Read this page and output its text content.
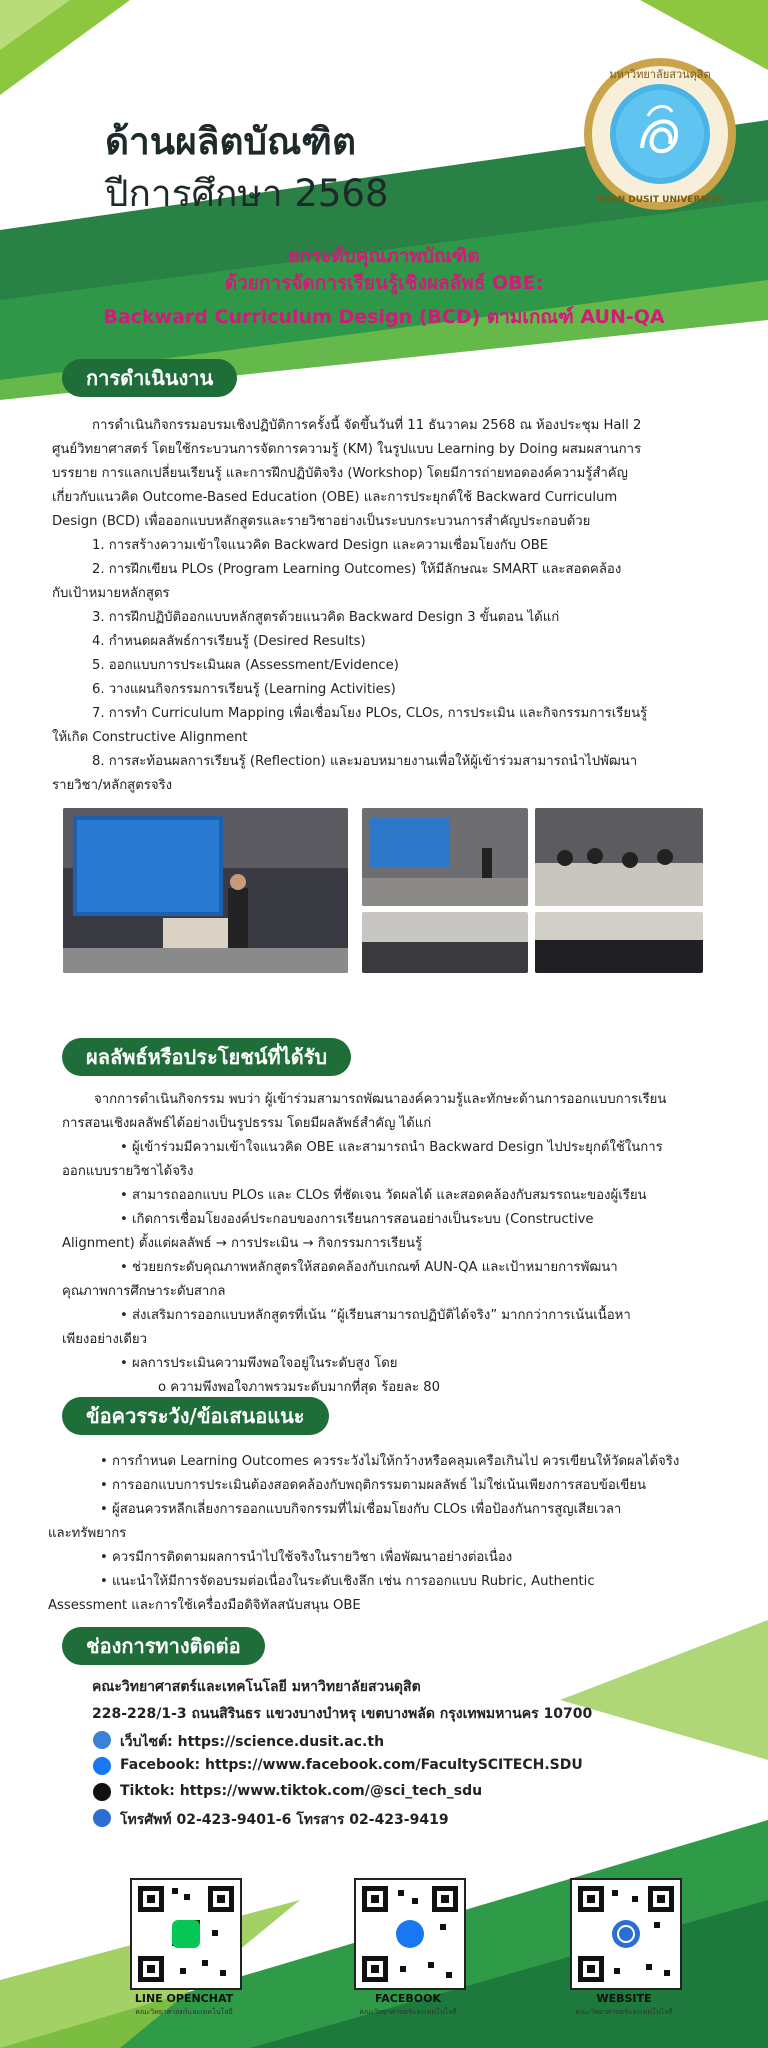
ด้านผลิตบัณฑิต
ปีการศึกษา 2568
มหาวิทยาลัยสวนดุสิต
SUAN DUSIT UNIVERSITY
ยกระดับคุณภาพบัณฑิต
ด้วยการจัดการเรียนรู้เชิงผลลัพธ์ OBE:
Backward Curriculum Design (BCD) ตามเกณฑ์ AUN-QA
การดำเนินงาน
การดำเนินกิจกรรมอบรมเชิงปฏิบัติการครั้งนี้ จัดขึ้นวันที่ 11 ธันวาคม 2568 ณ ห้องประชุม Hall 2
ศูนย์วิทยาศาสตร์ โดยใช้กระบวนการจัดการความรู้ (KM) ในรูปแบบ Learning by Doing ผสมผสานการ
บรรยาย การแลกเปลี่ยนเรียนรู้ และการฝึกปฏิบัติจริง (Workshop) โดยมีการถ่ายทอดองค์ความรู้สำคัญ
เกี่ยวกับแนวคิด Outcome-Based Education (OBE) และการประยุกต์ใช้ Backward Curriculum
Design (BCD) เพื่อออกแบบหลักสูตรและรายวิชาอย่างเป็นระบบกระบวนการสำคัญประกอบด้วย
1. การสร้างความเข้าใจแนวคิด Backward Design และความเชื่อมโยงกับ OBE
2. การฝึกเขียน PLOs (Program Learning Outcomes) ให้มีลักษณะ SMART และสอดคล้อง
กับเป้าหมายหลักสูตร
3. การฝึกปฏิบัติออกแบบหลักสูตรด้วยแนวคิด Backward Design 3 ขั้นตอน ได้แก่
4. กำหนดผลลัพธ์การเรียนรู้ (Desired Results)
5. ออกแบบการประเมินผล (Assessment/Evidence)
6. วางแผนกิจกรรมการเรียนรู้ (Learning Activities)
7. การทำ Curriculum Mapping เพื่อเชื่อมโยง PLOs, CLOs, การประเมิน และกิจกรรมการเรียนรู้
ให้เกิด Constructive Alignment
8. การสะท้อนผลการเรียนรู้ (Reflection) และมอบหมายงานเพื่อให้ผู้เข้าร่วมสามารถนำไปพัฒนา
รายวิชา/หลักสูตรจริง
ผลลัพธ์หรือประโยชน์ที่ได้รับ
จากการดำเนินกิจกรรม พบว่า ผู้เข้าร่วมสามารถพัฒนาองค์ความรู้และทักษะด้านการออกแบบการเรียน
การสอนเชิงผลลัพธ์ได้อย่างเป็นรูปธรรม โดยมีผลลัพธ์สำคัญ ได้แก่
• ผู้เข้าร่วมมีความเข้าใจแนวคิด OBE และสามารถนำ Backward Design ไปประยุกต์ใช้ในการ
ออกแบบรายวิชาได้จริง
• สามารถออกแบบ PLOs และ CLOs ที่ชัดเจน วัดผลได้ และสอดคล้องกับสมรรถนะของผู้เรียน
• เกิดการเชื่อมโยงองค์ประกอบของการเรียนการสอนอย่างเป็นระบบ (Constructive
Alignment) ตั้งแต่ผลลัพธ์ → การประเมิน → กิจกรรมการเรียนรู้
• ช่วยยกระดับคุณภาพหลักสูตรให้สอดคล้องกับเกณฑ์ AUN-QA และเป้าหมายการพัฒนา
คุณภาพการศึกษาระดับสากล
• ส่งเสริมการออกแบบหลักสูตรที่เน้น “ผู้เรียนสามารถปฏิบัติได้จริง” มากกว่าการเน้นเนื้อหา
เพียงอย่างเดียว
• ผลการประเมินความพึงพอใจอยู่ในระดับสูง โดย
o ความพึงพอใจภาพรวมระดับมากที่สุด ร้อยละ 80
ข้อควรระวัง/ข้อเสนอแนะ
• การกำหนด Learning Outcomes ควรระวังไม่ให้กว้างหรือคลุมเครือเกินไป ควรเขียนให้วัดผลได้จริง
• การออกแบบการประเมินต้องสอดคล้องกับพฤติกรรมตามผลลัพธ์ ไม่ใช่เน้นเพียงการสอบข้อเขียน
• ผู้สอนควรหลีกเลี่ยงการออกแบบกิจกรรมที่ไม่เชื่อมโยงกับ CLOs เพื่อป้องกันการสูญเสียเวลา
และทรัพยากร
• ควรมีการติดตามผลการนำไปใช้จริงในรายวิชา เพื่อพัฒนาอย่างต่อเนื่อง
• แนะนำให้มีการจัดอบรมต่อเนื่องในระดับเชิงลึก เช่น การออกแบบ Rubric, Authentic
Assessment และการใช้เครื่องมือดิจิทัลสนับสนุน OBE
ช่องการทางติดต่อ
คณะวิทยาศาสตร์และเทคโนโลยี มหาวิทยาลัยสวนดุสิต
228-228/1-3 ถนนสิรินธร แขวงบางบำหรุ เขตบางพลัด กรุงเทพมหานคร 10700
เว็บไซต์: https://science.dusit.ac.th
Facebook: https://www.facebook.com/FacultySCITECH.SDU
Tiktok: https://www.tiktok.com/@sci_tech_sdu
โทรศัพท์ 02-423-9401-6 โทรสาร 02-423-9419
LINE OPENCHAT
คณะวิทยาศาสตร์และเทคโนโลยี
FACEBOOK
คณะวิทยาศาสตร์และเทคโนโลยี
WEBSITE
คณะวิทยาศาสตร์และเทคโนโลยี
